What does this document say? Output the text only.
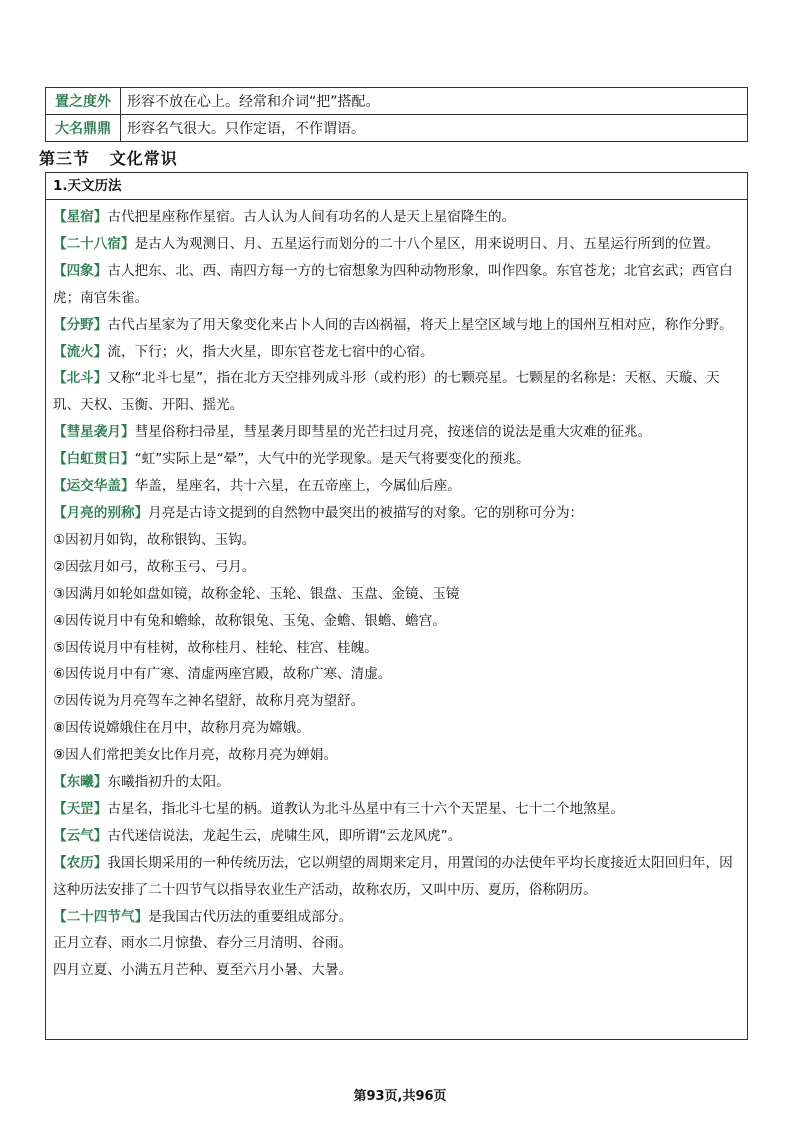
置之度外	形容不放在心上。经常和介词“把”搭配。
大名鼎鼎	形容名气很大。只作定语，不作谓语。
第三节   文化常识
1.天文历法

【星宿】古代把星座称作星宿。古人认为人间有功名的人是天上星宿降生的。

【二十八宿】是古人为观测日、月、五星运行而划分的二十八个星区，用来说明日、月、五星运行所到的位置。

【四象】古人把东、北、西、南四方每一方的七宿想象为四种动物形象，叫作四象。东官苍龙；北官玄武；西官白虎；南官朱雀。

【分野】古代占星家为了用天象变化来占卜人间的吉凶祸福，将天上星空区域与地上的国州互相对应，称作分野。

【流火】流，下行；火，指大火星，即东官苍龙七宿中的心宿。

【北斗】又称“北斗七星”，指在北方天空排列成斗形（或杓形）的七颗亮星。七颗星的名称是：天枢、天璇、天玑、天权、玉衡、开阳、摇光。

【彗星袭月】彗星俗称扫帚星，彗星袭月即彗星的光芒扫过月亮，按迷信的说法是重大灾难的征兆。

【白虹贯日】“虹”实际上是“晕”，大气中的光学现象。是天气将要变化的预兆。

【运交华盖】华盖，星座名，共十六星，在五帝座上，今属仙后座。

【月亮的别称】月亮是古诗文提到的自然物中最突出的被描写的对象。它的别称可分为：

①因初月如钩，故称银钩、玉钩。

②因弦月如弓，故称玉弓、弓月。

③因满月如轮如盘如镜，故称金轮、玉轮、银盘、玉盘、金镜、玉镜

④因传说月中有兔和蟾蜍，故称银兔、玉兔、金蟾、银蟾、蟾宫。

⑤因传说月中有桂树，故称桂月、桂轮、桂宫、桂魄。

⑥因传说月中有广寒、清虚两座宫殿，故称广寒、清虚。

⑦因传说为月亮驾车之神名望舒，故称月亮为望舒。

⑧因传说嫦娥住在月中，故称月亮为嫦娥。

⑨因人们常把美女比作月亮，故称月亮为婵娟。

【东曦】东曦指初升的太阳。

【天罡】古星名，指北斗七星的柄。道教认为北斗丛星中有三十六个天罡星、七十二个地煞星。

【云气】古代迷信说法，龙起生云，虎啸生风，即所谓“云龙风虎”。

【农历】我国长期采用的一种传统历法，它以朔望的周期来定月，用置闰的办法使年平均长度接近太阳回归年，因这种历法安排了二十四节气以指导农业生产活动，故称农历，又叫中历、夏历，俗称阴历。

【二十四节气】是我国古代历法的重要组成部分。

正月立春、雨水二月惊蛰、春分三月清明、谷雨。

四月立夏、小满五月芒种、夏至六月小暑、大暑。

第93页,共96页
